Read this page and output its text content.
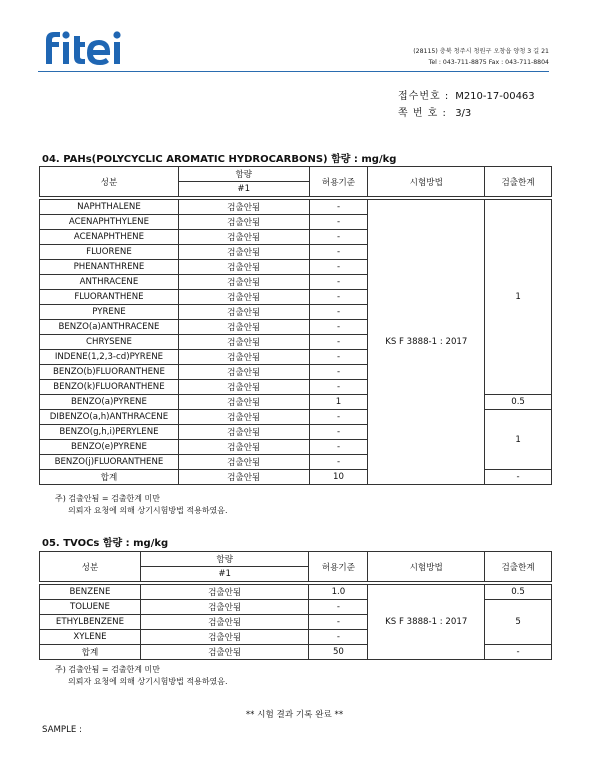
(28115) 충북 청주시 청원구 오창읍 양청 3 길 21
Tel : 043-711-8875 Fax : 043-711-8804
접수번호 : M210-17-00463
쪽 번 호 : 3/3
04. PAHs(POLYCYCLIC AROMATIC HYDROCARBONS) 함량 : mg/kg
성분	함량	허용기준	시험방법	검출한계
	#1			

NAPHTHALENE	검출안됨	-	KS F 3888-1 : 2017	1
ACENAPHTHYLENE	검출안됨	-		
ACENAPHTHENE	검출안됨	-		
FLUORENE	검출안됨	-		
PHENANTHRENE	검출안됨	-		
ANTHRACENE	검출안됨	-		
FLUORANTHENE	검출안됨	-		
PYRENE	검출안됨	-		
BENZO(a)ANTHRACENE	검출안됨	-		
CHRYSENE	검출안됨	-		
INDENE(1,2,3-cd)PYRENE	검출안됨	-		
BENZO(b)FLUORANTHENE	검출안됨	-		
BENZO(k)FLUORANTHENE	검출안됨	-		
BENZO(a)PYRENE	검출안됨	1		0.5
DIBENZO(a,h)ANTHRACENE	검출안됨	-		1
BENZO(g,h,i)PERYLENE	검출안됨	-		
BENZO(e)PYRENE	검출안됨	-		
BENZO(j)FLUORANTHENE	검출안됨	-		
합계	검출안됨	10		-
주) 검출안됨 = 검출한계 미만
의뢰자 요청에 의해 상기시험방법 적용하였음.
05. TVOCs 함량 : mg/kg
성분	함량	허용기준	시험방법	검출한계
	#1			

BENZENE	검출안됨	1.0	KS F 3888-1 : 2017	0.5
TOLUENE	검출안됨	-		5
ETHYLBENZENE	검출안됨	-		
XYLENE	검출안됨	-		
합계	검출안됨	50		-
주) 검출안됨 = 검출한계 미만
의뢰자 요청에 의해 상기시험방법 적용하였음.
** 시험 결과 기록 완료 **
SAMPLE :
